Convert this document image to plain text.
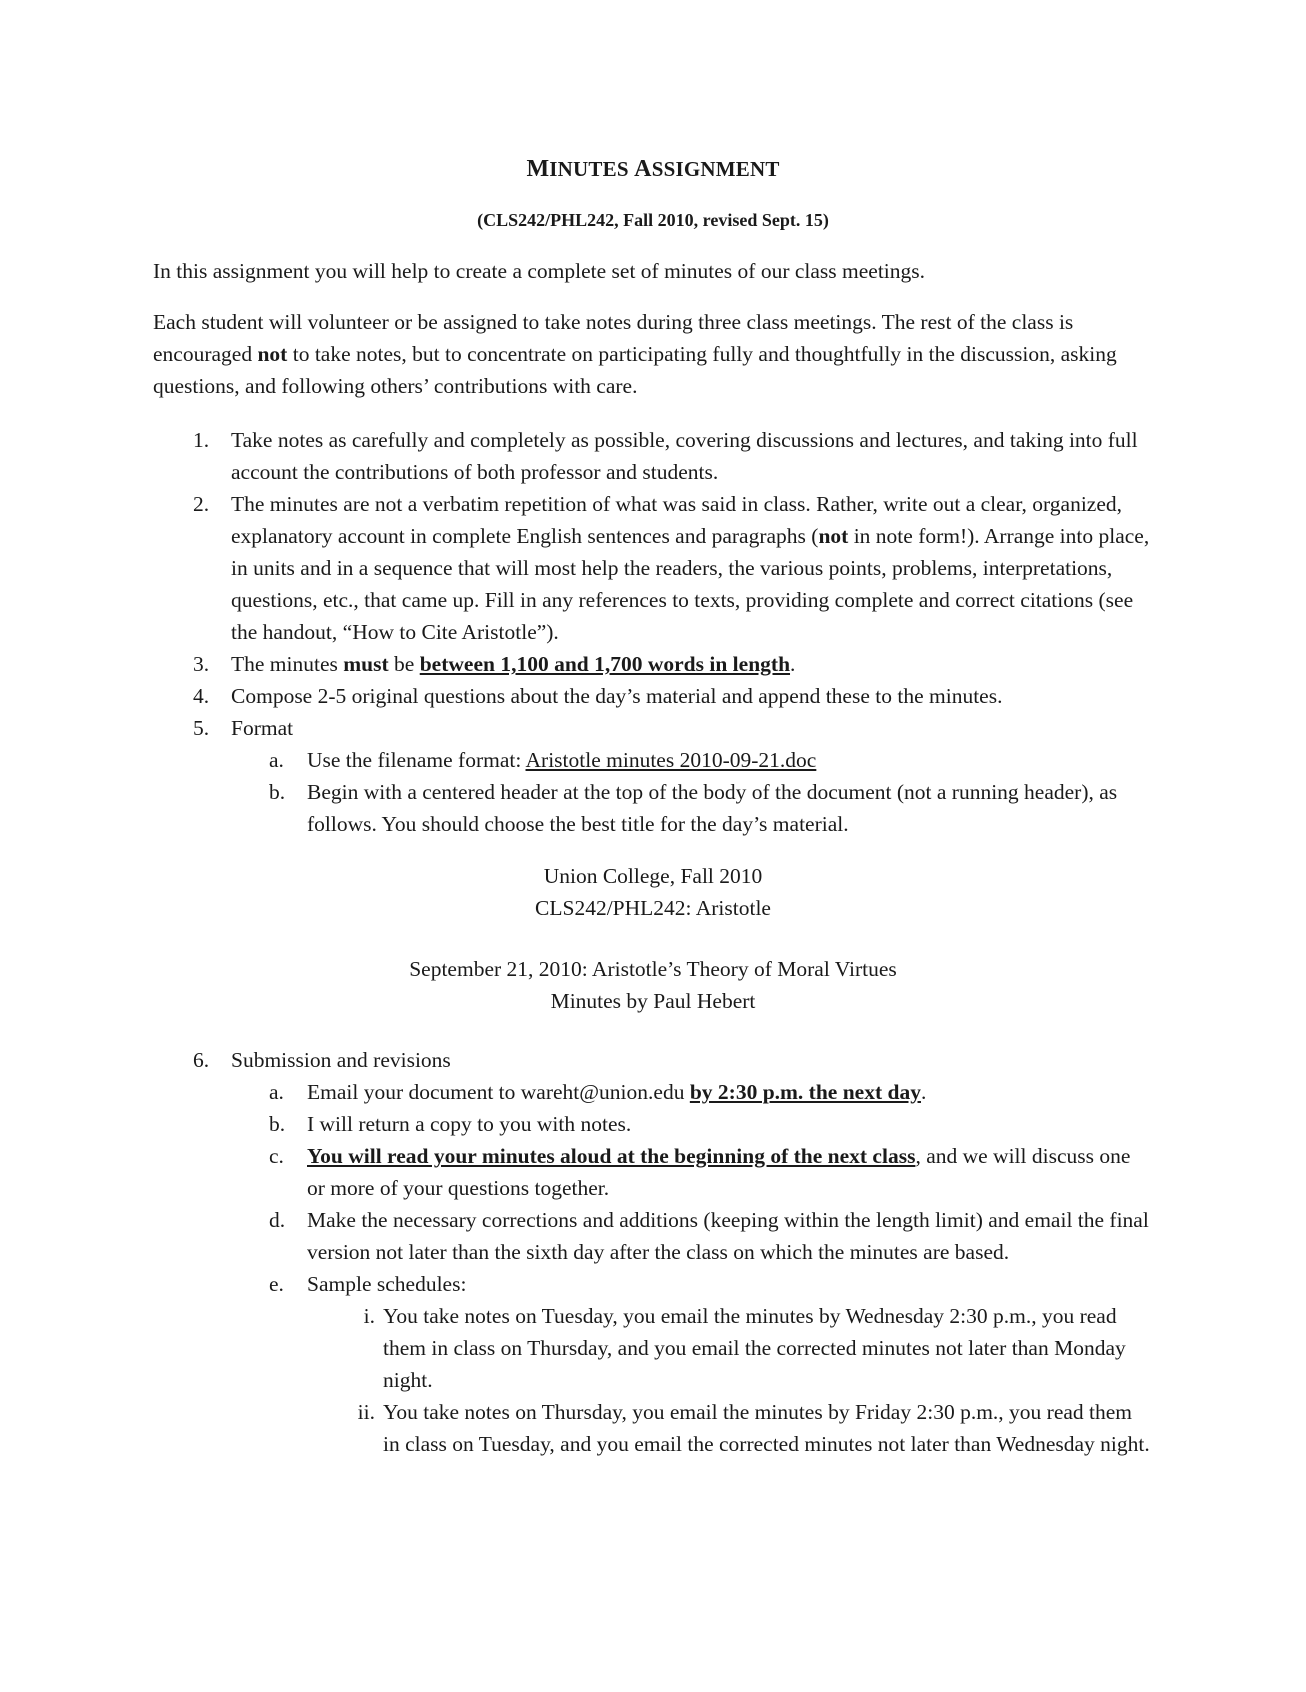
MINUTES ASSIGNMENT
(CLS242/PHL242, Fall 2010, revised Sept. 15)
In this assignment you will help to create a complete set of minutes of our class meetings.
Each student will volunteer or be assigned to take notes during three class meetings. The rest of the class is encouraged not to take notes, but to concentrate on participating fully and thoughtfully in the discussion, asking questions, and following others’ contributions with care.
1. Take notes as carefully and completely as possible, covering discussions and lectures, and taking into full account the contributions of both professor and students.
2. The minutes are not a verbatim repetition of what was said in class. Rather, write out a clear, organized, explanatory account in complete English sentences and paragraphs (not in note form!). Arrange into place, in units and in a sequence that will most help the readers, the various points, problems, interpretations, questions, etc., that came up. Fill in any references to texts, providing complete and correct citations (see the handout, “How to Cite Aristotle”).
3. The minutes must be between 1,100 and 1,700 words in length.
4. Compose 2-5 original questions about the day’s material and append these to the minutes.
5. Format
a. Use the filename format: Aristotle minutes 2010-09-21.doc
b. Begin with a centered header at the top of the body of the document (not a running header), as follows. You should choose the best title for the day’s material.
Union College, Fall 2010
CLS242/PHL242: Aristotle
September 21, 2010: Aristotle’s Theory of Moral Virtues
Minutes by Paul Hebert
6. Submission and revisions
a. Email your document to wareht@union.edu by 2:30 p.m. the next day.
b. I will return a copy to you with notes.
c. You will read your minutes aloud at the beginning of the next class, and we will discuss one or more of your questions together.
d. Make the necessary corrections and additions (keeping within the length limit) and email the final version not later than the sixth day after the class on which the minutes are based.
e. Sample schedules:
i. You take notes on Tuesday, you email the minutes by Wednesday 2:30 p.m., you read them in class on Thursday, and you email the corrected minutes not later than Monday night.
ii. You take notes on Thursday, you email the minutes by Friday 2:30 p.m., you read them in class on Tuesday, and you email the corrected minutes not later than Wednesday night.
